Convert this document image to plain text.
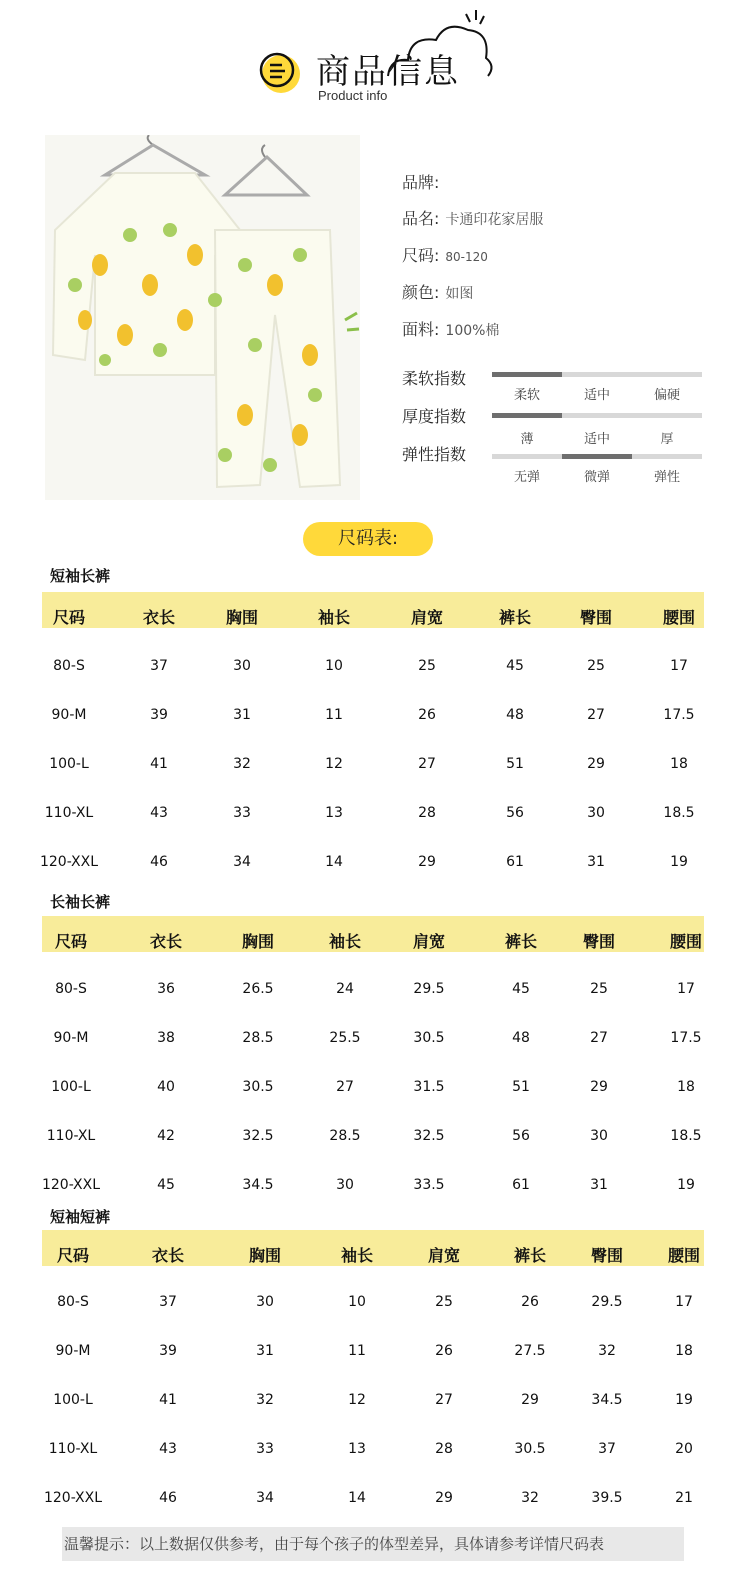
商品信息
Product info
品牌:
品名: 卡通印花家居服
尺码: 80-120
颜色: 如图
面料: 100%棉
柔软指数
柔软	适中	偏硬
厚度指数
薄	适中	厚
弹性指数
无弹	微弹	弹性
尺码表:
短袖长裤
尺码	衣长	胸围	袖长	肩宽	裤长	臀围	腰围
80-S	37	30	10	25	45	25	17
90-M	39	31	11	26	48	27	17.5
100-L	41	32	12	27	51	29	18
110-XL	43	33	13	28	56	30	18.5
120-XXL	46	34	14	29	61	31	19
长袖长裤
尺码	衣长	胸围	袖长	肩宽	裤长	臀围	腰围
80-S	36	26.5	24	29.5	45	25	17
90-M	38	28.5	25.5	30.5	48	27	17.5
100-L	40	30.5	27	31.5	51	29	18
110-XL	42	32.5	28.5	32.5	56	30	18.5
120-XXL	45	34.5	30	33.5	61	31	19
短袖短裤
尺码	衣长	胸围	袖长	肩宽	裤长	臀围	腰围
80-S	37	30	10	25	26	29.5	17
90-M	39	31	11	26	27.5	32	18
100-L	41	32	12	27	29	34.5	19
110-XL	43	33	13	28	30.5	37	20
120-XXL	46	34	14	29	32	39.5	21
温馨提示：以上数据仅供参考，由于每个孩子的体型差异，具体请参考详情尺码表
